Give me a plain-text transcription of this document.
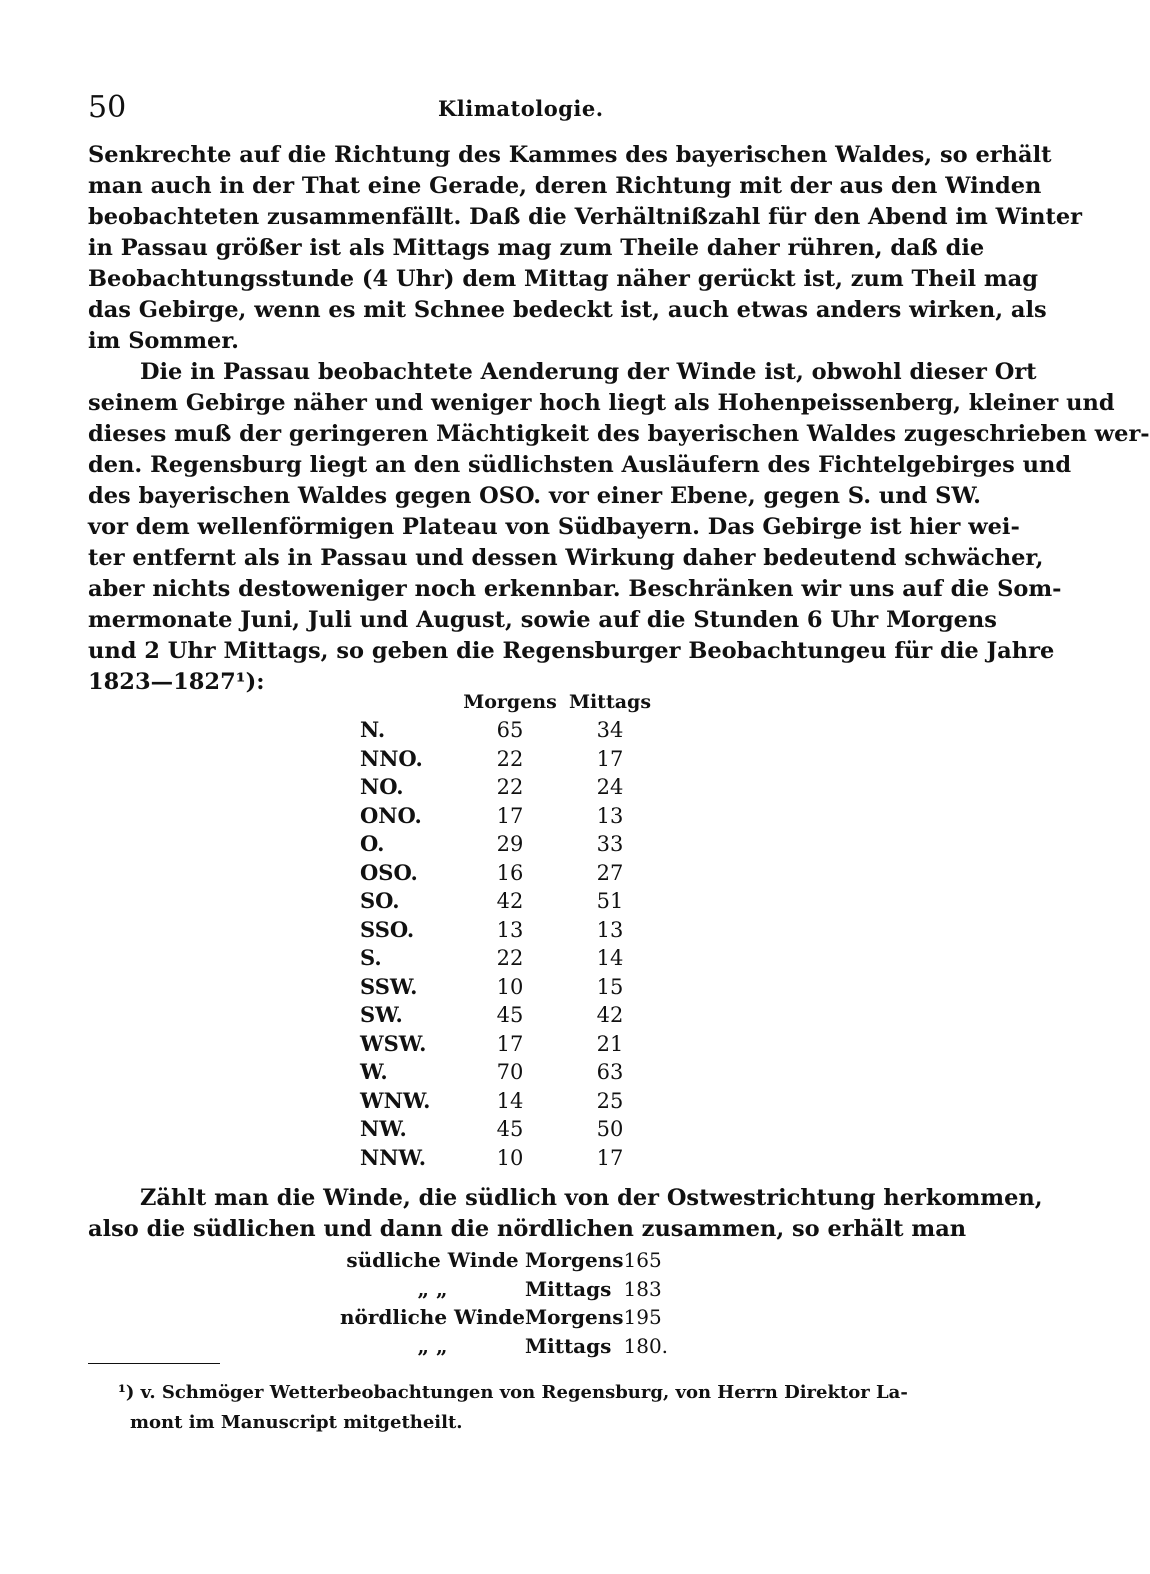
50	Klimatologie.
Senkrechte auf die Richtung des Kammes des bayerischen Waldes, so erhält
man auch in der That eine Gerade, deren Richtung mit der aus den Winden
beobachteten zusammenfällt. Daß die Verhältnißzahl für den Abend im Winter
in Passau größer ist als Mittags mag zum Theile daher rühren, daß die
Beobachtungsstunde (4 Uhr) dem Mittag näher gerückt ist, zum Theil mag
das Gebirge, wenn es mit Schnee bedeckt ist, auch etwas anders wirken, als
im Sommer.
Die in Passau beobachtete Aenderung der Winde ist, obwohl dieser Ort
seinem Gebirge näher und weniger hoch liegt als Hohenpeissenberg, kleiner und
dieses muß der geringeren Mächtigkeit des bayerischen Waldes zugeschrieben wer-
den. Regensburg liegt an den südlichsten Ausläufern des Fichtelgebirges und
des bayerischen Waldes gegen OSO. vor einer Ebene, gegen S. und SW.
vor dem wellenförmigen Plateau von Südbayern. Das Gebirge ist hier wei-
ter entfernt als in Passau und dessen Wirkung daher bedeutend schwächer,
aber nichts destoweniger noch erkennbar. Beschränken wir uns auf die Som-
mermonate Juni, Juli und August, sowie auf die Stunden 6 Uhr Morgens
und 2 Uhr Mittags, so geben die Regensburger Beobachtungeu für die Jahre
1823—1827¹):
	Morgens	Mittags
N.	65	34
NNO.	22	17
NO.	22	24
ONO.	17	13
O.	29	33
OSO.	16	27
SO.	42	51
SSO.	13	13
S.	22	14
SSW.	10	15
SW.	45	42
WSW.	17	21
W.	70	63
WNW.	14	25
NW.	45	50
NNW.	10	17
Zählt man die Winde, die südlich von der Ostwestrichtung herkommen,
also die südlichen und dann die nördlichen zusammen, so erhält man
südliche Winde	Morgens	165
„ „	Mittags	183
nördliche Winde	Morgens	195
„ „	Mittags	180.
¹) v. Schmöger Wetterbeobachtungen von Regensburg, von Herrn Direktor La-
mont im Manuscript mitgetheilt.
